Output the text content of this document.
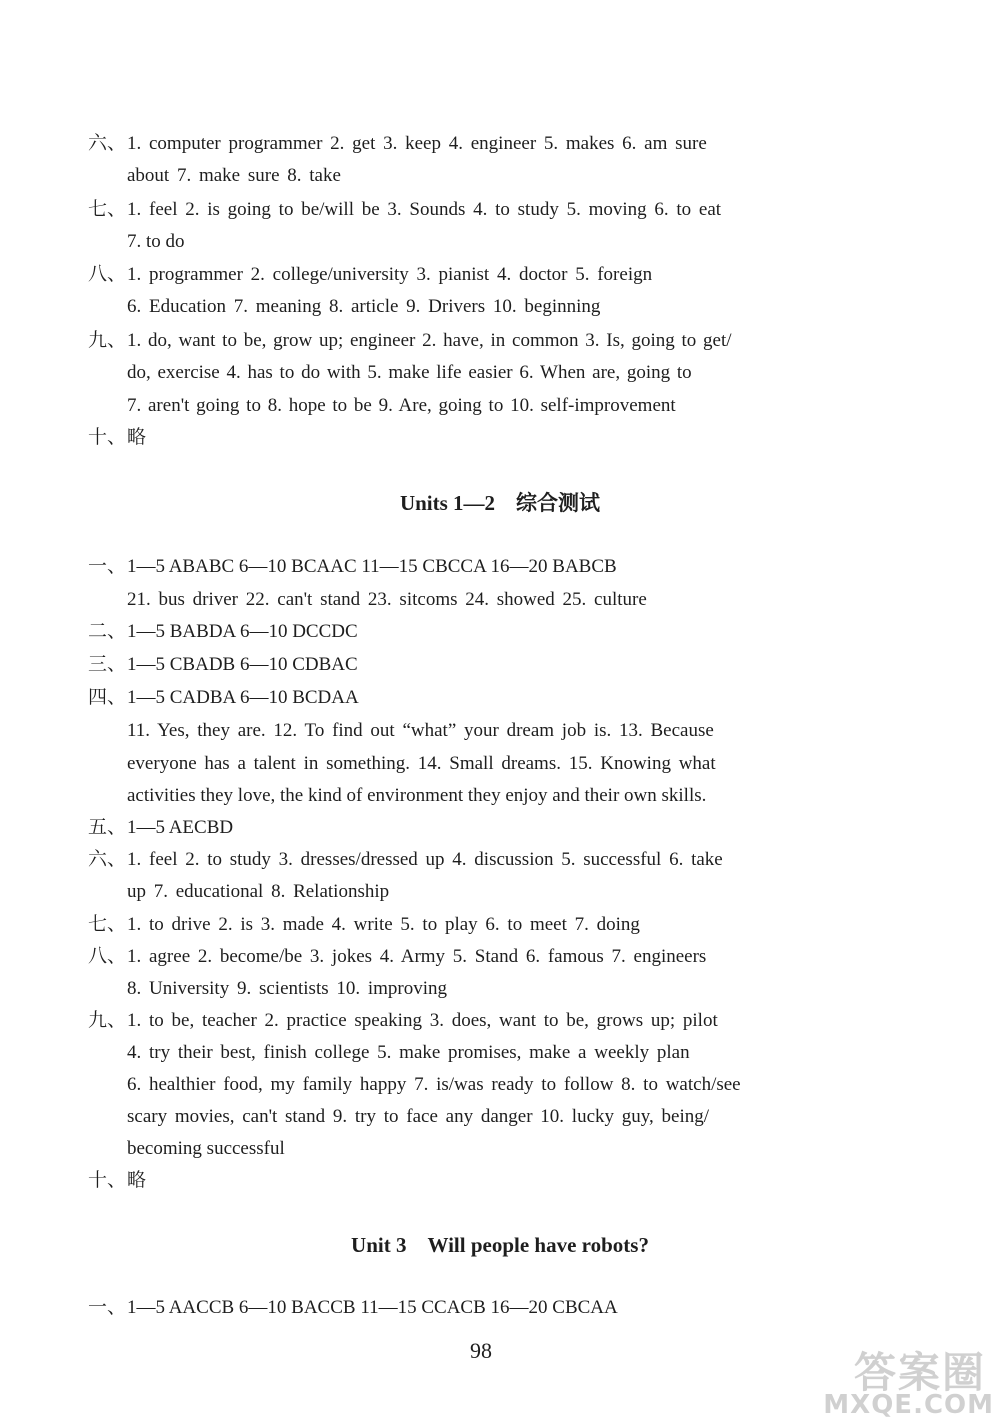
六、 1. computer programmer 2. get 3. keep 4. engineer 5. makes 6. am sure
about 7. make sure 8. take
七、 1. feel 2. is going to be/will be 3. Sounds 4. to study 5. moving 6. to eat
7. to do
八、 1. programmer 2. college/university 3. pianist 4. doctor 5. foreign
6. Education 7. meaning 8. article 9. Drivers 10. beginning
九、 1. do, want to be, grow up; engineer 2. have, in common 3. Is, going to get/
do, exercise 4. has to do with 5. make life easier 6. When are, going to
7. aren't going to 8. hope to be 9. Are, going to 10. self-improvement
十、 略
Units 1—2　综合测试
一、 1—5 ABABC 6—10 BCAAC 11—15 CBCCA 16—20 BABCB
21. bus driver 22. can't stand 23. sitcoms 24. showed 25. culture
二、 1—5 BABDA 6—10 DCCDC
三、 1—5 CBADB 6—10 CDBAC
四、 1—5 CADBA 6—10 BCDAA
11. Yes, they are. 12. To find out “what” your dream job is. 13. Because
everyone has a talent in something. 14. Small dreams. 15. Knowing what
activities they love, the kind of environment they enjoy and their own skills.
五、 1—5 AECBD
六、 1. feel 2. to study 3. dresses/dressed up 4. discussion 5. successful 6. take
up 7. educational 8. Relationship
七、 1. to drive 2. is 3. made 4. write 5. to play 6. to meet 7. doing
八、 1. agree 2. become/be 3. jokes 4. Army 5. Stand 6. famous 7. engineers
8. University 9. scientists 10. improving
九、 1. to be, teacher 2. practice speaking 3. does, want to be, grows up; pilot
4. try their best, finish college 5. make promises, make a weekly plan
6. healthier food, my family happy 7. is/was ready to follow 8. to watch/see
scary movies, can't stand 9. try to face any danger 10. lucky guy, being/
becoming successful
十、 略
Unit 3　Will people have robots?
一、 1—5 AACCB 6—10 BACCB 11—15 CCACB 16—20 CBCAA
98	答案圈
MXQE.COM
